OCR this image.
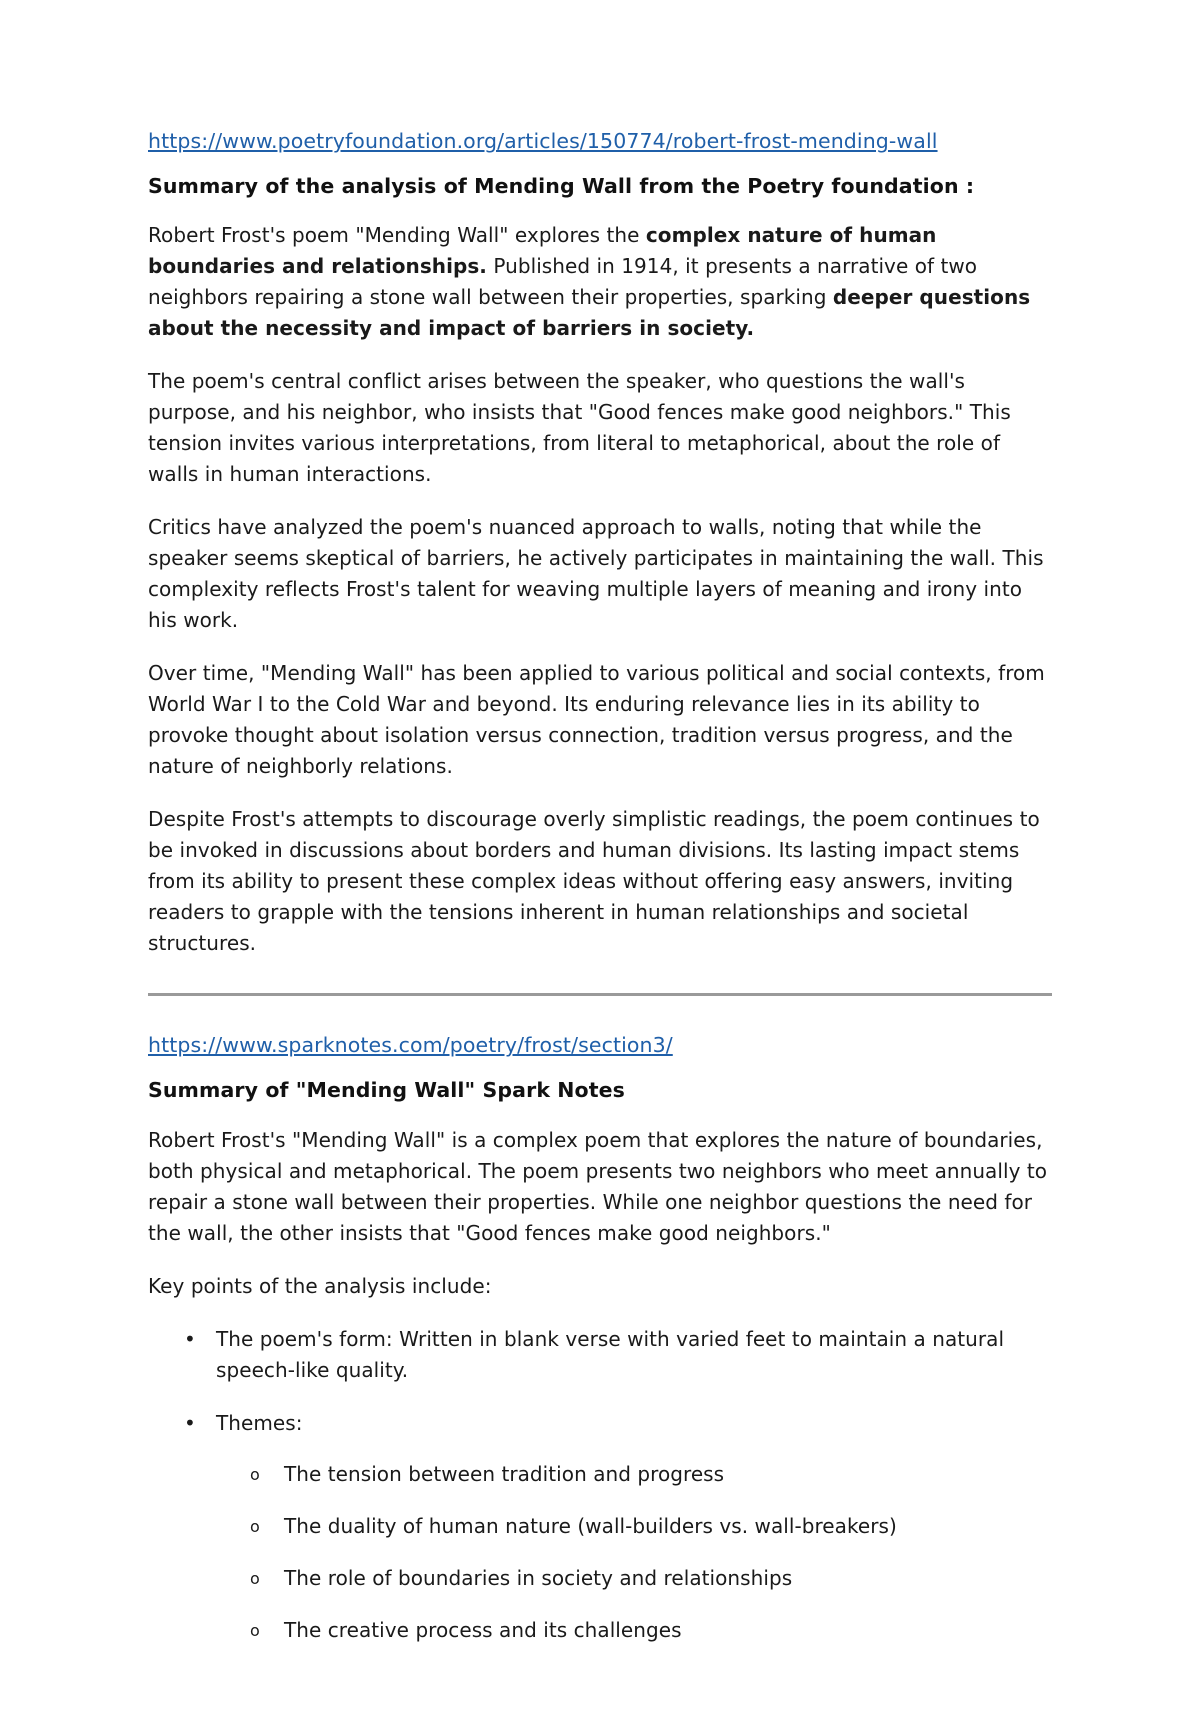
https://www.poetryfoundation.org/articles/150774/robert-frost-mending-wall
Summary of the analysis of Mending Wall from the Poetry foundation :

Robert Frost's poem "Mending Wall" explores the complex nature of human boundaries and relationships. Published in 1914, it presents a narrative of two neighbors repairing a stone wall between their properties, sparking deeper questions about the necessity and impact of barriers in society.

The poem's central conflict arises between the speaker, who questions the wall's purpose, and his neighbor, who insists that "Good fences make good neighbors." This tension invites various interpretations, from literal to metaphorical, about the role of walls in human interactions.

Critics have analyzed the poem's nuanced approach to walls, noting that while the speaker seems skeptical of barriers, he actively participates in maintaining the wall. This complexity reflects Frost's talent for weaving multiple layers of meaning and irony into his work.

Over time, "Mending Wall" has been applied to various political and social contexts, from World War I to the Cold War and beyond. Its enduring relevance lies in its ability to provoke thought about isolation versus connection, tradition versus progress, and the nature of neighborly relations.

Despite Frost's attempts to discourage overly simplistic readings, the poem continues to be invoked in discussions about borders and human divisions. Its lasting impact stems from its ability to present these complex ideas without offering easy answers, inviting readers to grapple with the tensions inherent in human relationships and societal structures.

https://www.sparknotes.com/poetry/frost/section3/
Summary of "Mending Wall" Spark Notes

Robert Frost's "Mending Wall" is a complex poem that explores the nature of boundaries, both physical and metaphorical. The poem presents two neighbors who meet annually to repair a stone wall between their properties. While one neighbor questions the need for the wall, the other insists that "Good fences make good neighbors."

Key points of the analysis include:

• The poem's form: Written in blank verse with varied feet to maintain a natural speech-like quality.
• Themes:
o The tension between tradition and progress
o The duality of human nature (wall-builders vs. wall-breakers)
o The role of boundaries in society and relationships
o The creative process and its challenges
